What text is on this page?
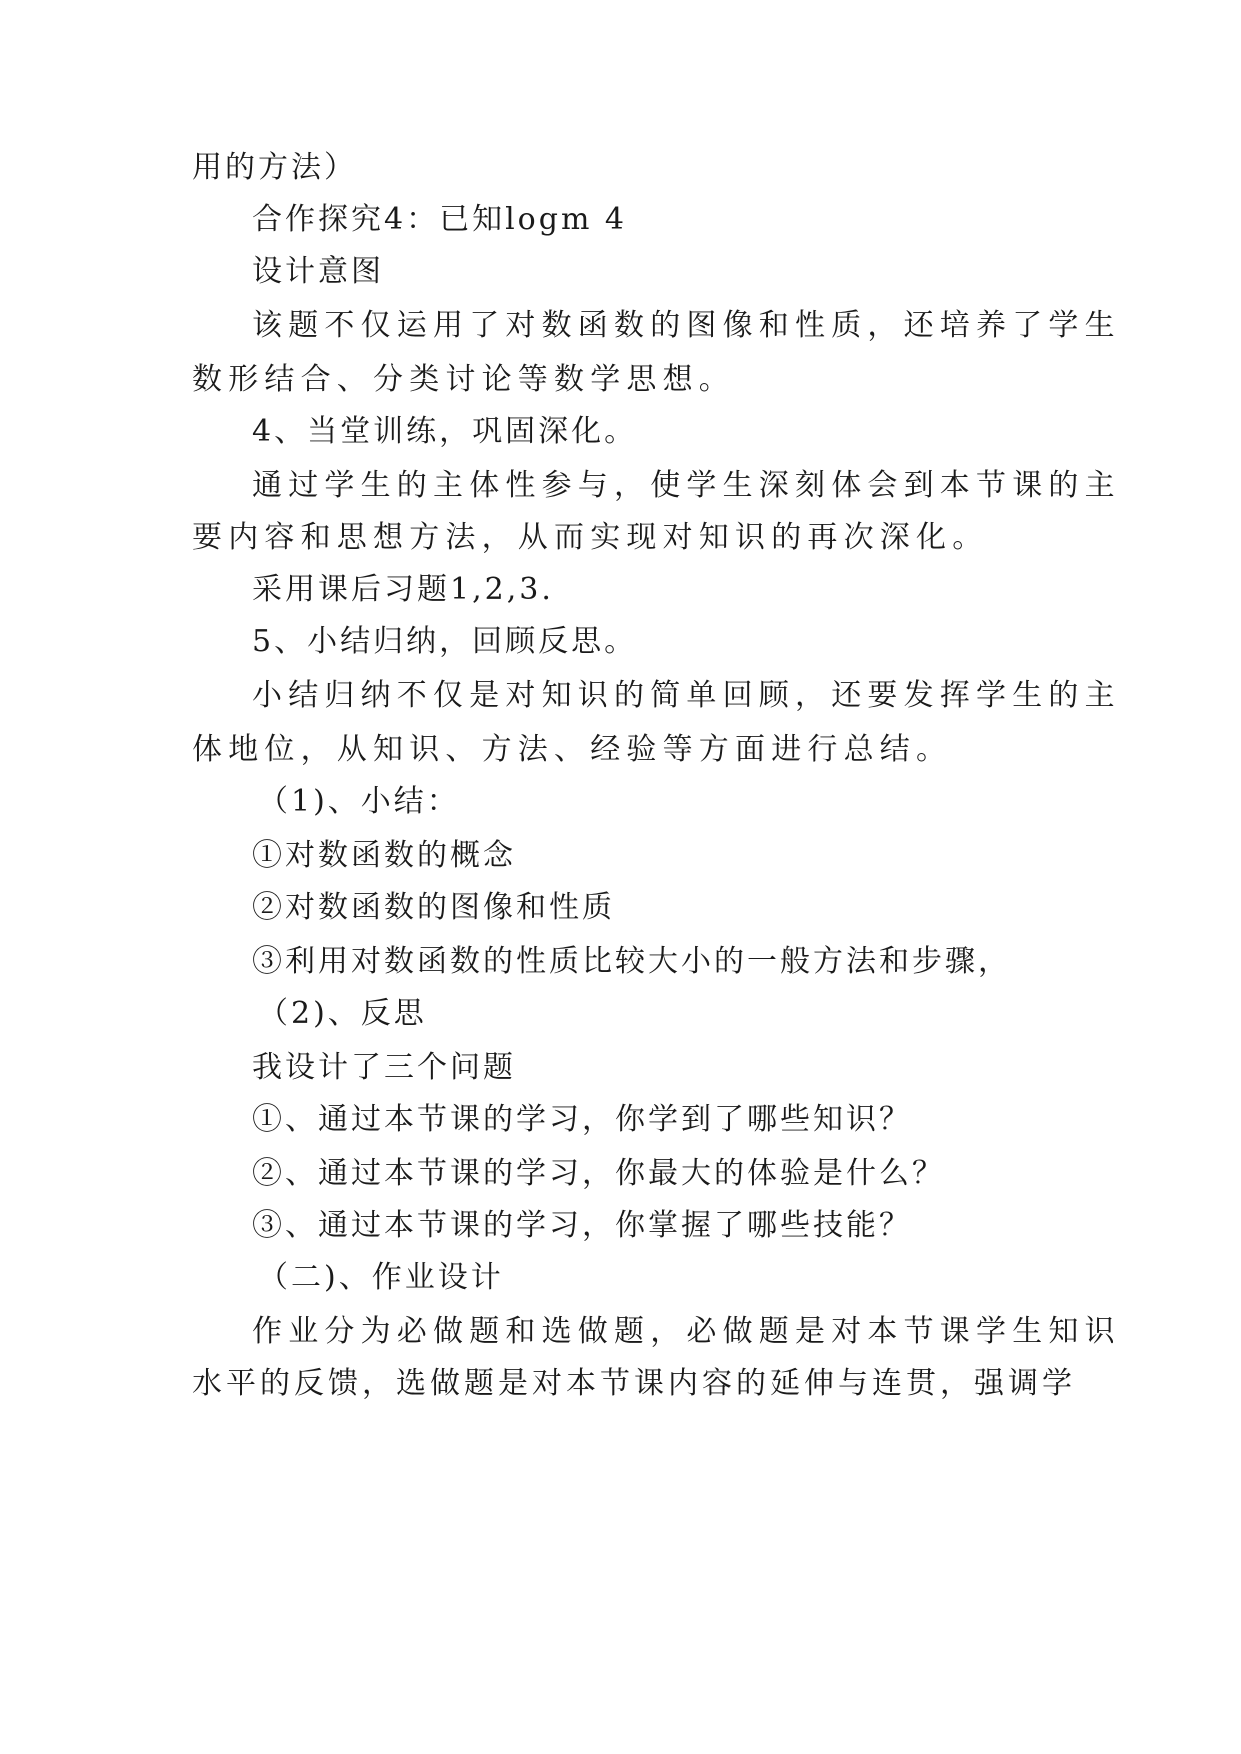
用的方法）
合作探究4：已知logm 4
设计意图
该题不仅运用了对数函数的图像和性质，还培养了学生
数形结合、分类讨论等数学思想。
4、当堂训练，巩固深化。
通过学生的主体性参与，使学生深刻体会到本节课的主
要内容和思想方法，从而实现对知识的再次深化。
采用课后习题1,2,3.
5、小结归纳，回顾反思。
小结归纳不仅是对知识的简单回顾，还要发挥学生的主
体地位，从知识、方法、经验等方面进行总结。
（1)、小结：
①对数函数的概念
②对数函数的图像和性质
③利用对数函数的性质比较大小的一般方法和步骤，
（2)、反思
我设计了三个问题
①、通过本节课的学习，你学到了哪些知识？
②、通过本节课的学习，你最大的体验是什么？
③、通过本节课的学习，你掌握了哪些技能？
（二)、作业设计
作业分为必做题和选做题，必做题是对本节课学生知识
水平的反馈，选做题是对本节课内容的延伸与连贯，强调学
